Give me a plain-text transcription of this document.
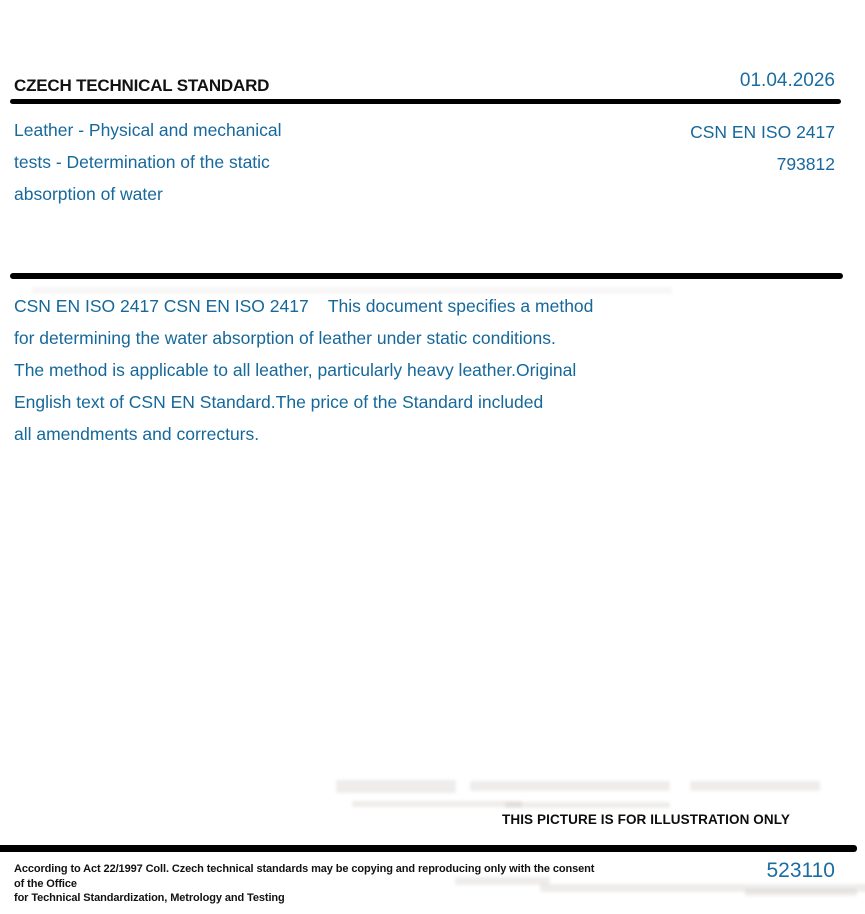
CZECH TECHNICAL STANDARD	01.04.2026
Leather - Physical and mechanical
tests - Determination of the static
absorption of water
CSN EN ISO 2417
793812
CSN EN ISO 2417 CSN EN ISO 2417    This document specifies a method
for determining the water absorption of leather under static conditions.
The method is applicable to all leather, particularly heavy leather.Original
English text of CSN EN Standard.The price of the Standard included
all amendments and correcturs.
THIS PICTURE IS FOR ILLUSTRATION ONLY
According to Act 22/1997 Coll. Czech technical standards may be copying and reproducing only with the consent of the Office
for Technical Standardization, Metrology and Testing
523110
